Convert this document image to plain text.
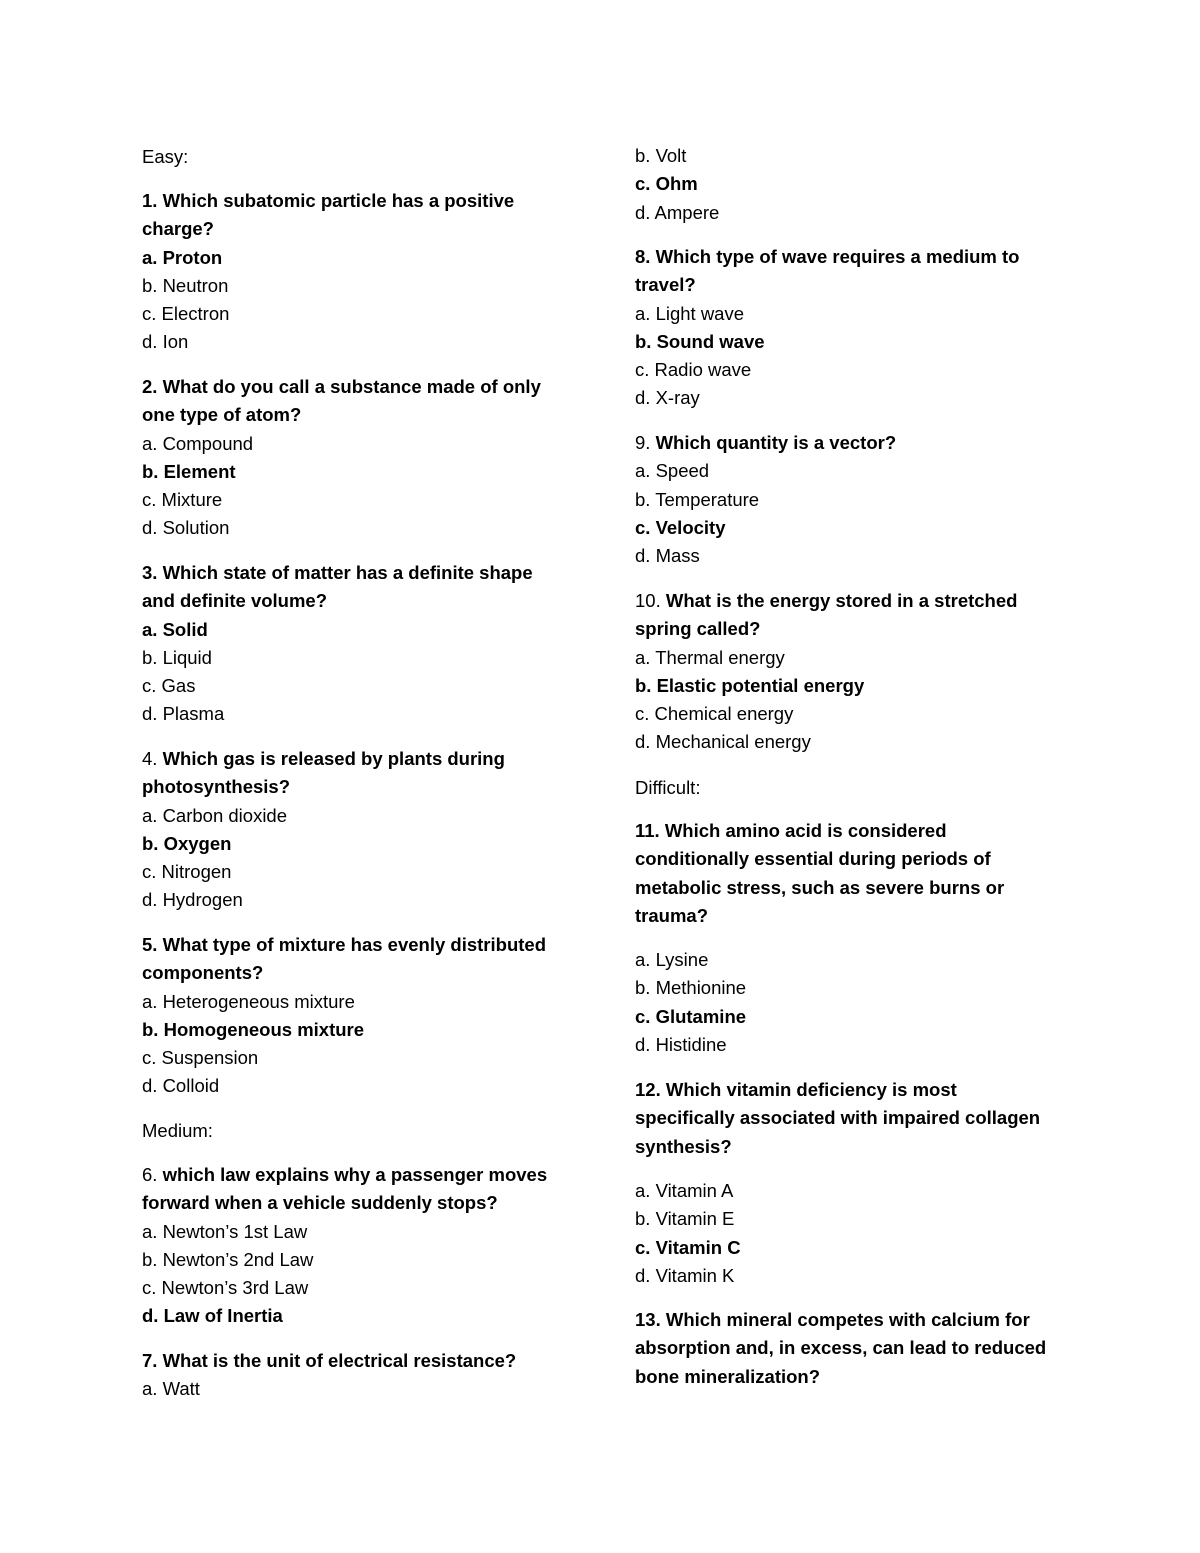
Easy:
1. Which subatomic particle has a positive
charge?
a. Proton
b. Neutron
c. Electron
d. Ion
2. What do you call a substance made of only
one type of atom?
a. Compound
b. Element
c. Mixture
d. Solution
3. Which state of matter has a definite shape
and definite volume?
a. Solid
b. Liquid
c. Gas
d. Plasma
4. Which gas is released by plants during
photosynthesis?
a. Carbon dioxide
b. Oxygen
c. Nitrogen
d. Hydrogen
5. What type of mixture has evenly distributed
components?
a. Heterogeneous mixture
b. Homogeneous mixture
c. Suspension
d. Colloid
Medium:
6. which law explains why a passenger moves
forward when a vehicle suddenly stops?
a. Newton’s 1st Law
b. Newton’s 2nd Law
c. Newton’s 3rd Law
d. Law of Inertia
7. What is the unit of electrical resistance?
a. Watt
b. Volt
c. Ohm
d. Ampere
8. Which type of wave requires a medium to
travel?
a. Light wave
b. Sound wave
c. Radio wave
d. X-ray
9. Which quantity is a vector?
a. Speed
b. Temperature
c. Velocity
d. Mass
10. What is the energy stored in a stretched
spring called?
a. Thermal energy
b. Elastic potential energy
c. Chemical energy
d. Mechanical energy
Difficult:
11. Which amino acid is considered
conditionally essential during periods of
metabolic stress, such as severe burns or
trauma?
a. Lysine
b. Methionine
c. Glutamine
d. Histidine
12. Which vitamin deficiency is most
specifically associated with impaired collagen
synthesis?
a. Vitamin A
b. Vitamin E
c. Vitamin C
d. Vitamin K
13. Which mineral competes with calcium for
absorption and, in excess, can lead to reduced
bone mineralization?
